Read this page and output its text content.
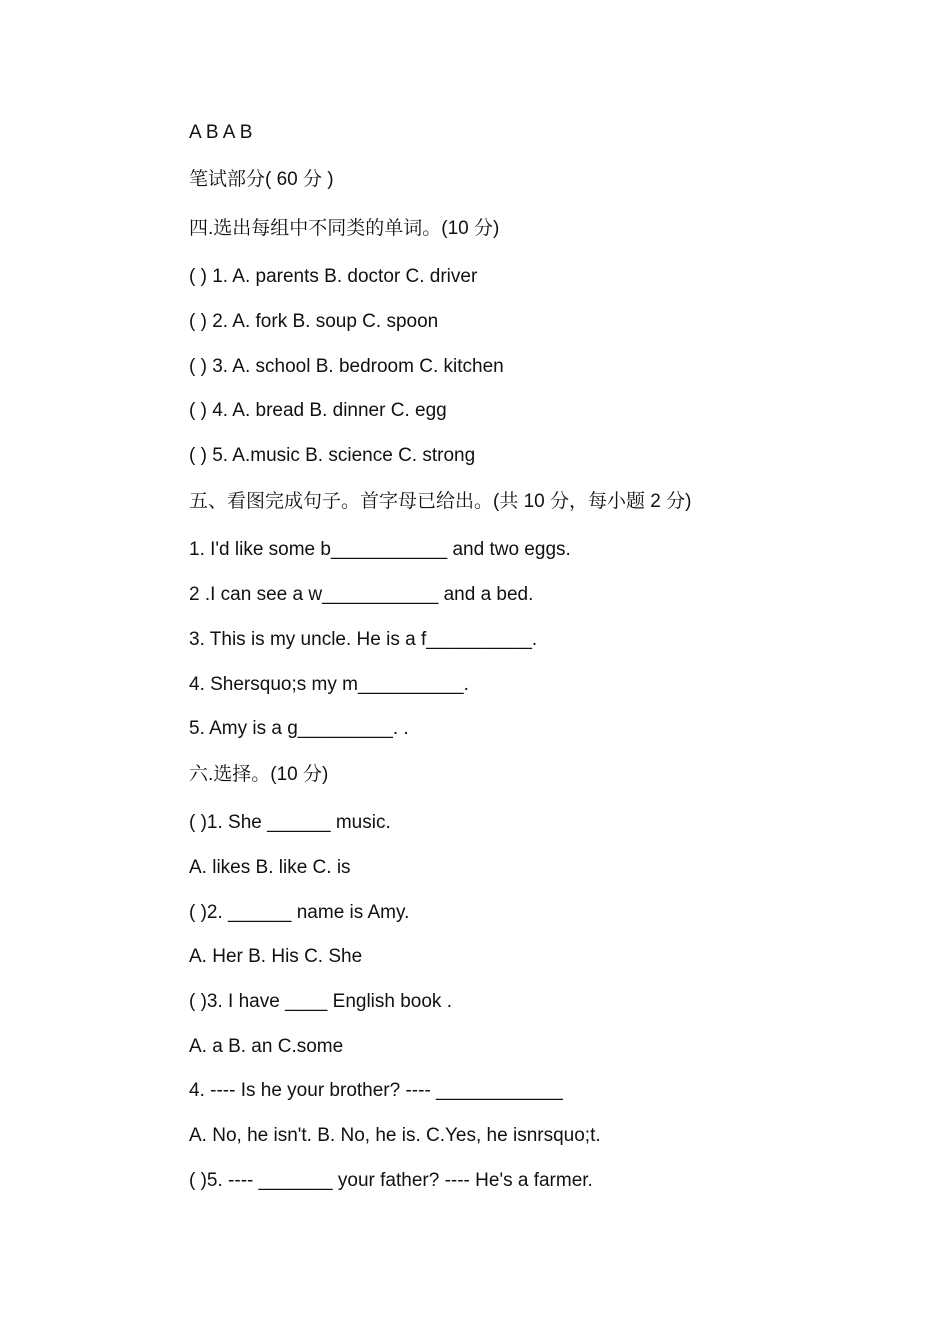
A B A B
笔试部分( 60 分 )
四.选出每组中不同类的单词。(10 分)
( ) 1. A. parents B. doctor C. driver
( ) 2. A. fork B. soup C. spoon
( ) 3. A. school B. bedroom C. kitchen
( ) 4. A. bread B. dinner C. egg
( ) 5. A.music B. science C. strong
五、看图完成句子。首字母已给出。(共 10 分，每小题 2 分)
1. I'd like some b___________ and two eggs.
2 .I can see a w___________ and a bed.
3. This is my uncle. He is a f__________.
4. Shersquo;s my m__________.
5. Amy is a g_________. .
六.选择。(10 分)
( )1. She ______ music.
A. likes B. like C. is
( )2. ______ name is Amy.
A. Her B. His C. She
( )3. I have ____ English book .
A. a B. an C.some
4. ---- Is he your brother? ---- ____________
A. No, he isn't. B. No, he is. C.Yes, he isnrsquo;t.
( )5. ---- _______ your father? ---- He's a farmer.
